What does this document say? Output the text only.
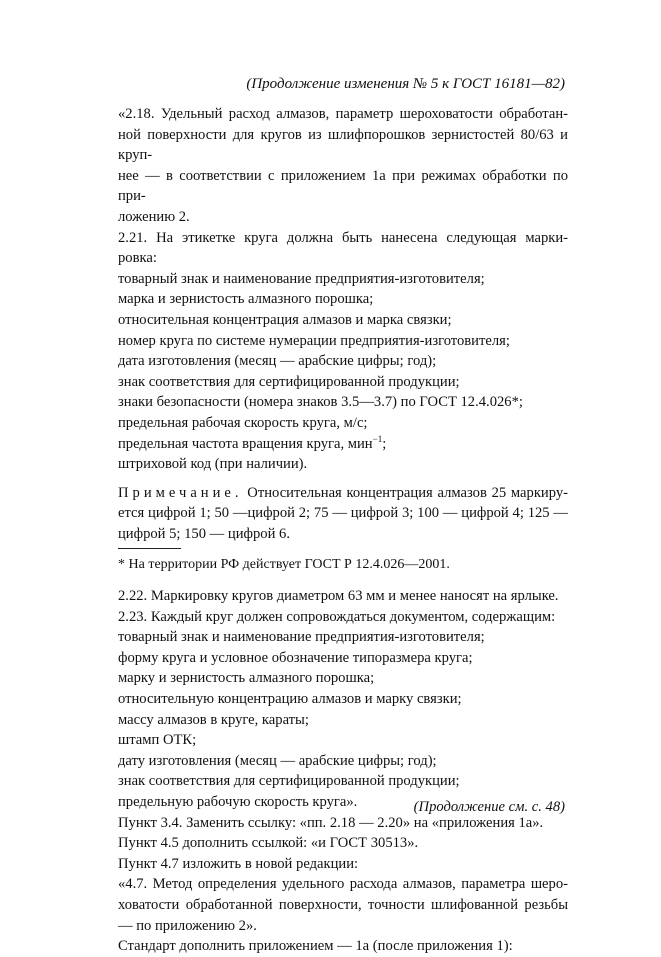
(Продолжение изменения № 5 к ГОСТ 16181—82)
«2.18. Удельный расход алмазов, параметр шероховатости обработан-
ной поверхности для кругов из шлифпорошков зернистостей 80/63 и круп-
нее — в соответствии с приложением 1а при режимах обработки по при-
ложению 2.
2.21. На этикетке круга должна быть нанесена следующая марки-
ровка:
товарный знак и наименование предприятия-изготовителя;
марка и зернистость алмазного порошка;
относительная концентрация алмазов и марка связки;
номер круга по системе нумерации предприятия-изготовителя;
дата изготовления (месяц — арабские цифры; год);
знак соответствия для сертифицированной продукции;
знаки безопасности (номера знаков 3.5—3.7) по ГОСТ 12.4.026*;
предельная рабочая скорость круга, м/с;
предельная частота вращения круга, мин$^{-1}$;
штриховой код (при наличии).
Примечание. Относительная концентрация алмазов 25 маркиру-
ется цифрой 1; 50 —цифрой 2; 75 — цифрой 3; 100 — цифрой 4; 125 —
цифрой 5; 150 — цифрой 6.
* На территории РФ действует ГОСТ Р 12.4.026—2001.
2.22. Маркировку кругов диаметром 63 мм и менее наносят на ярлыке.
2.23. Каждый круг должен сопровождаться документом, содержащим:
товарный знак и наименование предприятия-изготовителя;
форму круга и условное обозначение типоразмера круга;
марку и зернистость алмазного порошка;
относительную концентрацию алмазов и марку связки;
массу алмазов в круге, караты;
штамп ОТК;
дату изготовления (месяц — арабские цифры; год);
знак соответствия для сертифицированной продукции;
предельную рабочую скорость круга».
Пункт 3.4. Заменить ссылку: «пп. 2.18 — 2.20» на «приложения 1а».
Пункт 4.5 дополнить ссылкой: «и ГОСТ 30513».
Пункт 4.7 изложить в новой редакции:
«4.7. Метод определения удельного расхода алмазов, параметра шеро-
ховатости обработанной поверхности, точности шлифованной резьбы
— по приложению 2».
Стандарт дополнить приложением — 1а (после приложения 1):
(Продолжение см. с. 48)
